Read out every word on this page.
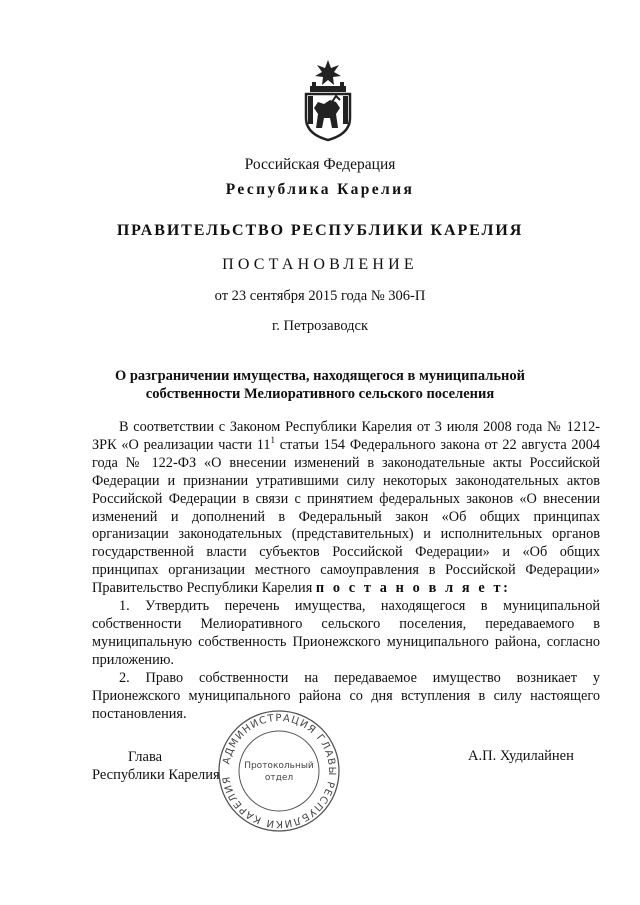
Российская Федерация
Республика Карелия
ПРАВИТЕЛЬСТВО РЕСПУБЛИКИ КАРЕЛИЯ
ПОСТАНОВЛЕНИЕ
от 23 сентября 2015 года № 306-П
г. Петрозаводск
О разграничении имущества, находящегося в муниципальной
собственности Мелиоративного сельского поселения

В соответствии с Законом Республики Карелия от 3 июля 2008 года № 1212-ЗРК «О реализации части $11^1$ статьи 154 Федерального закона от 22 августа 2004 года № 122-ФЗ «О внесении изменений в законодательные акты Российской Федерации и признании утратившими силу некоторых законодательных актов Российской Федерации в связи с принятием федеральных законов «О внесении изменений и дополнений в Федеральный закон «Об общих принципах организации законодательных (представительных) и исполнительных органов государственной власти субъектов Российской Федерации» и «Об общих принципах организации местного самоуправления в Российской Федерации» Правительство Республики Карелия п о с т а н о в л я е т:

1. Утвердить перечень имущества, находящегося в муниципальной собственности Мелиоративного сельского поселения, передаваемого в муниципальную собственность Прионежского муниципального района, согласно приложению.

2. Право собственности на передаваемое имущество возникает у Прионежского муниципального района со дня вступления в силу настоящего постановления.

Глава
Республики Карелия
А.П. Худилайнен
АДМИНИСТРАЦИЯ ГЛАВЫ РЕСПУБЛИКИ КАРЕЛИЯ
Протокольный
отдел
